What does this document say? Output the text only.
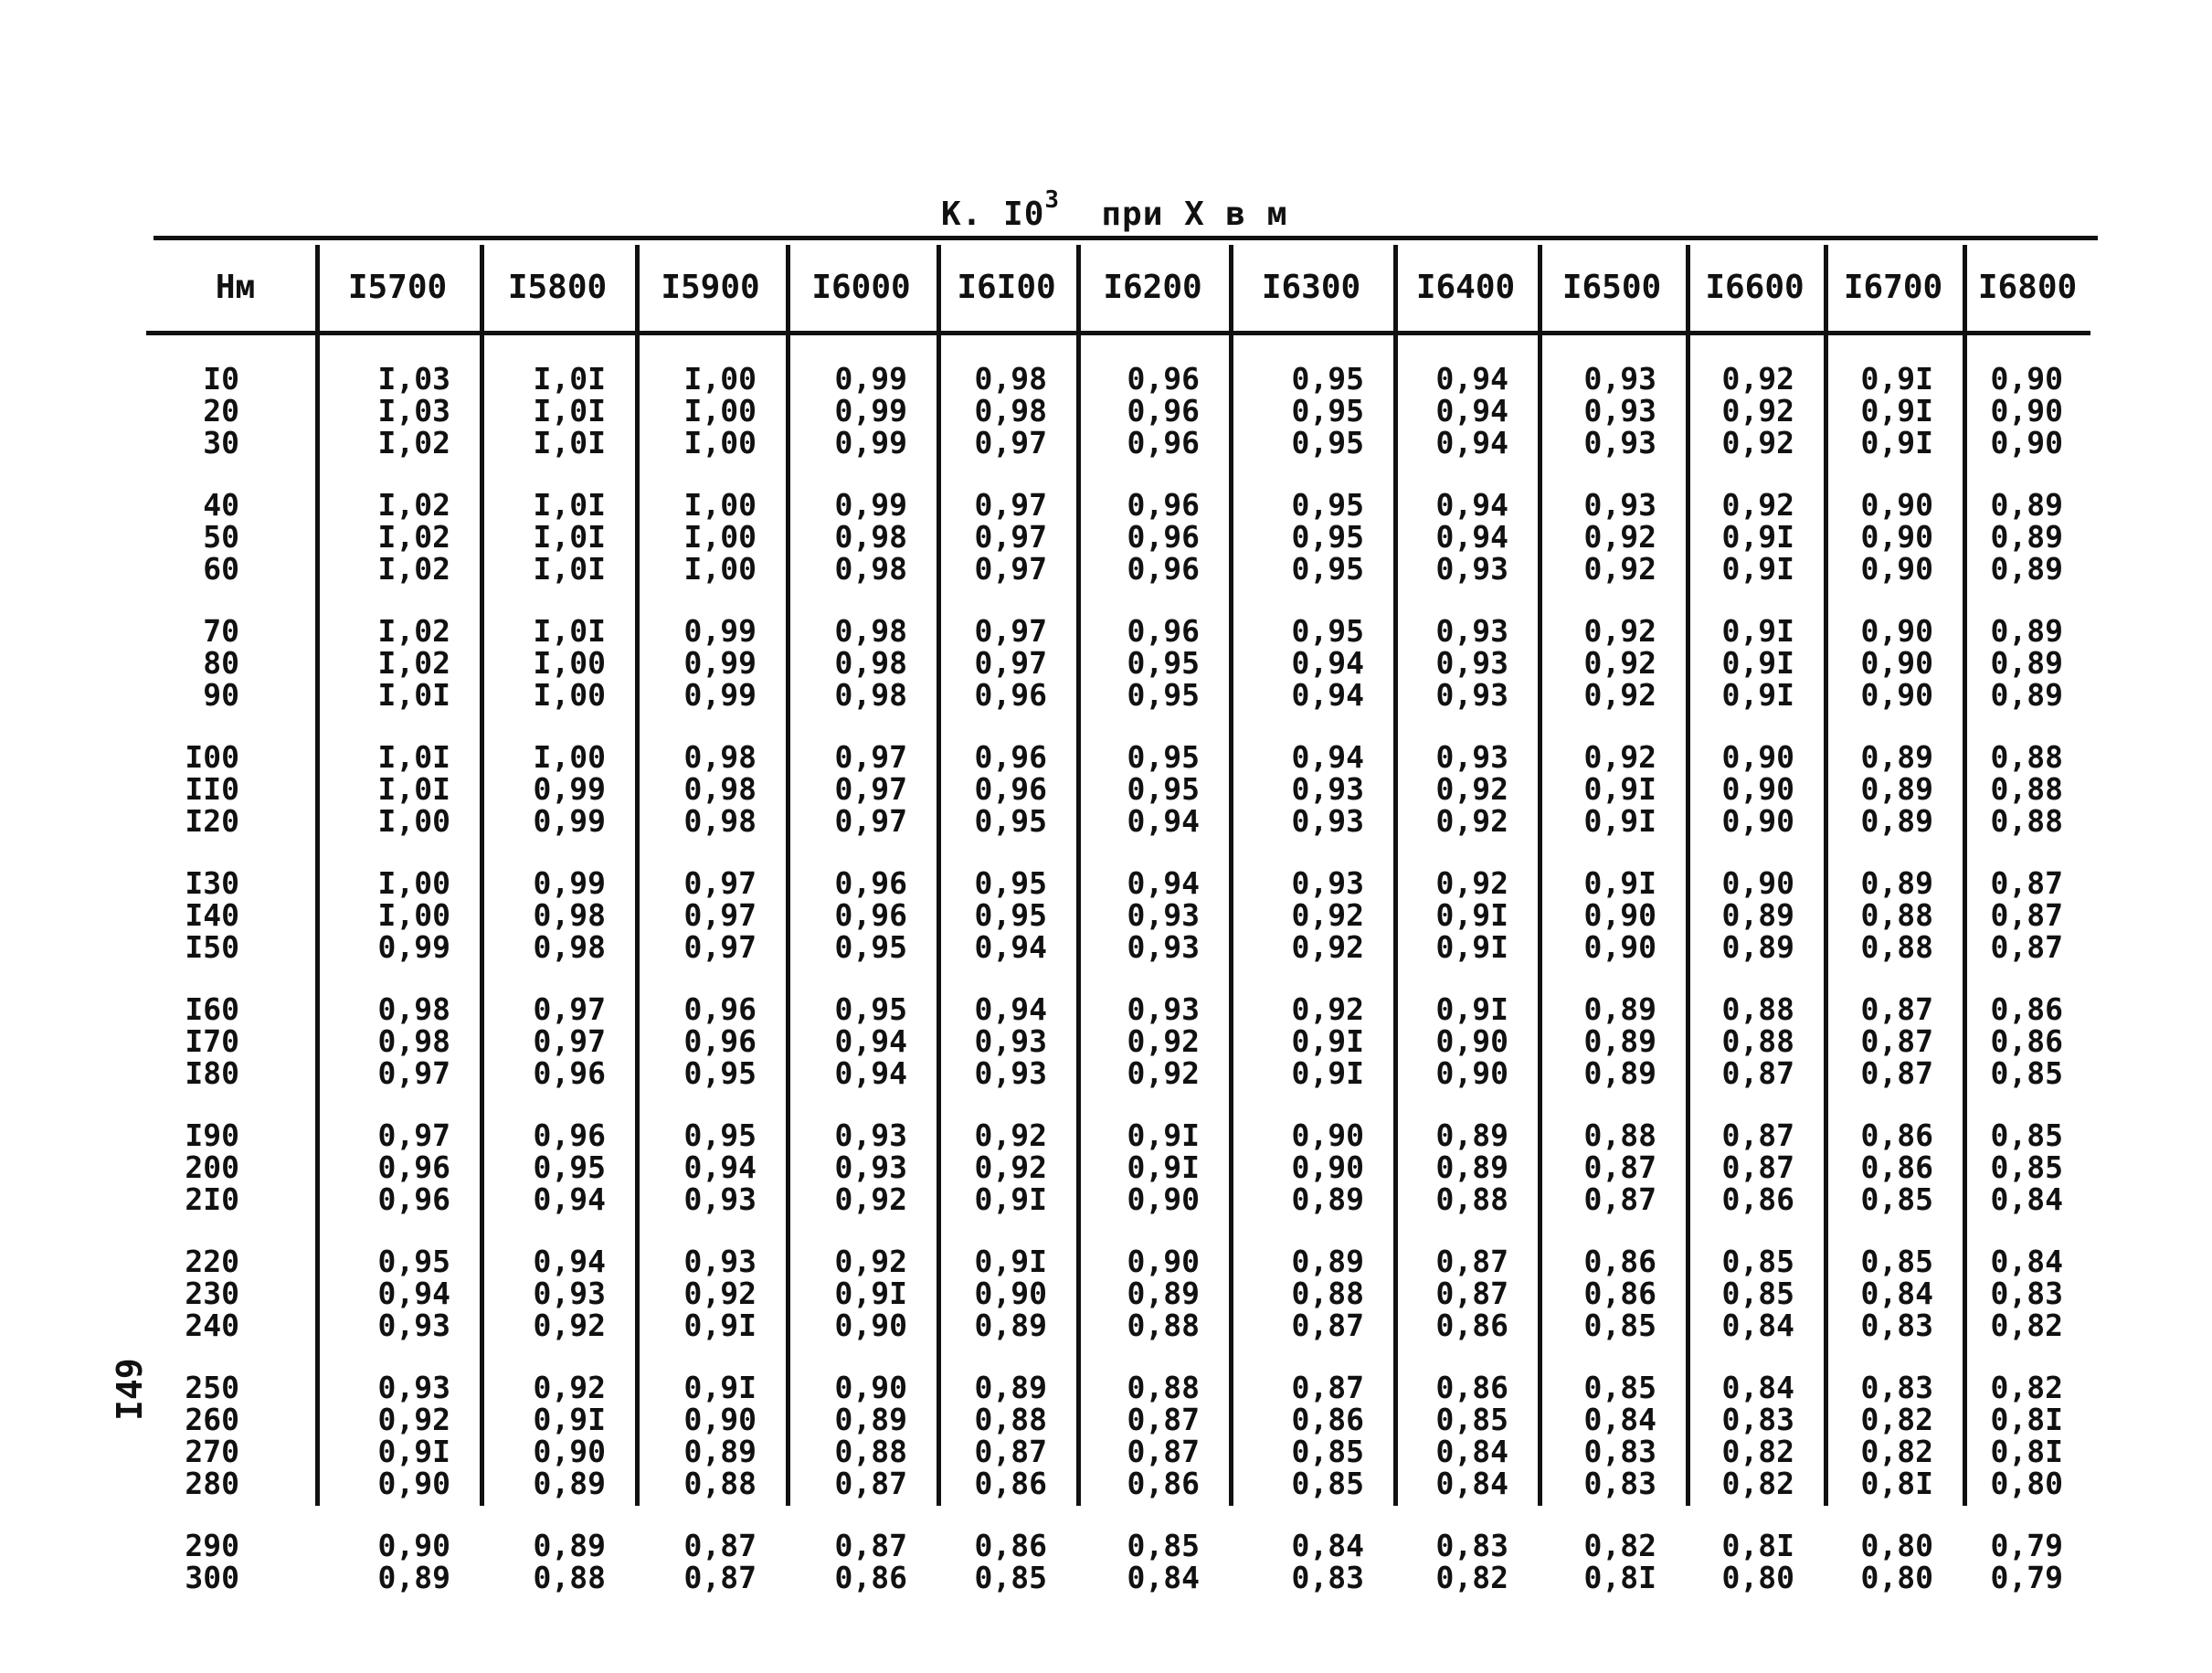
K. $I0^3$  при X в м
Hм	I5700	I5800	I5900	I6000	I6I00	I6200	I6300	I6400	I6500	I6600	I6700	I6800
I0	I,03	I,0I	I,00	0,99	0,98	0,96	0,95	0,94	0,93	0,92	0,9I	0,90
20	I,03	I,0I	I,00	0,99	0,98	0,96	0,95	0,94	0,93	0,92	0,9I	0,90
30	I,02	I,0I	I,00	0,99	0,97	0,96	0,95	0,94	0,93	0,92	0,9I	0,90
40	I,02	I,0I	I,00	0,99	0,97	0,96	0,95	0,94	0,93	0,92	0,90	0,89
50	I,02	I,0I	I,00	0,98	0,97	0,96	0,95	0,94	0,92	0,9I	0,90	0,89
60	I,02	I,0I	I,00	0,98	0,97	0,96	0,95	0,93	0,92	0,9I	0,90	0,89
70	I,02	I,0I	0,99	0,98	0,97	0,96	0,95	0,93	0,92	0,9I	0,90	0,89
80	I,02	I,00	0,99	0,98	0,97	0,95	0,94	0,93	0,92	0,9I	0,90	0,89
90	I,0I	I,00	0,99	0,98	0,96	0,95	0,94	0,93	0,92	0,9I	0,90	0,89
I00	I,0I	I,00	0,98	0,97	0,96	0,95	0,94	0,93	0,92	0,90	0,89	0,88
II0	I,0I	0,99	0,98	0,97	0,96	0,95	0,93	0,92	0,9I	0,90	0,89	0,88
I20	I,00	0,99	0,98	0,97	0,95	0,94	0,93	0,92	0,9I	0,90	0,89	0,88
I30	I,00	0,99	0,97	0,96	0,95	0,94	0,93	0,92	0,9I	0,90	0,89	0,87
I40	I,00	0,98	0,97	0,96	0,95	0,93	0,92	0,9I	0,90	0,89	0,88	0,87
I50	0,99	0,98	0,97	0,95	0,94	0,93	0,92	0,9I	0,90	0,89	0,88	0,87
I60	0,98	0,97	0,96	0,95	0,94	0,93	0,92	0,9I	0,89	0,88	0,87	0,86
I70	0,98	0,97	0,96	0,94	0,93	0,92	0,9I	0,90	0,89	0,88	0,87	0,86
I80	0,97	0,96	0,95	0,94	0,93	0,92	0,9I	0,90	0,89	0,87	0,87	0,85
I90	0,97	0,96	0,95	0,93	0,92	0,9I	0,90	0,89	0,88	0,87	0,86	0,85
200	0,96	0,95	0,94	0,93	0,92	0,9I	0,90	0,89	0,87	0,87	0,86	0,85
2I0	0,96	0,94	0,93	0,92	0,9I	0,90	0,89	0,88	0,87	0,86	0,85	0,84
220	0,95	0,94	0,93	0,92	0,9I	0,90	0,89	0,87	0,86	0,85	0,85	0,84
230	0,94	0,93	0,92	0,9I	0,90	0,89	0,88	0,87	0,86	0,85	0,84	0,83
240	0,93	0,92	0,9I	0,90	0,89	0,88	0,87	0,86	0,85	0,84	0,83	0,82
250	0,93	0,92	0,9I	0,90	0,89	0,88	0,87	0,86	0,85	0,84	0,83	0,82
260	0,92	0,9I	0,90	0,89	0,88	0,87	0,86	0,85	0,84	0,83	0,82	0,8I
270	0,9I	0,90	0,89	0,88	0,87	0,87	0,85	0,84	0,83	0,82	0,82	0,8I
280	0,90	0,89	0,88	0,87	0,86	0,86	0,85	0,84	0,83	0,82	0,8I	0,80
290	0,90	0,89	0,87	0,87	0,86	0,85	0,84	0,83	0,82	0,8I	0,80	0,79
300	0,89	0,88	0,87	0,86	0,85	0,84	0,83	0,82	0,8I	0,80	0,80	0,79
I49
